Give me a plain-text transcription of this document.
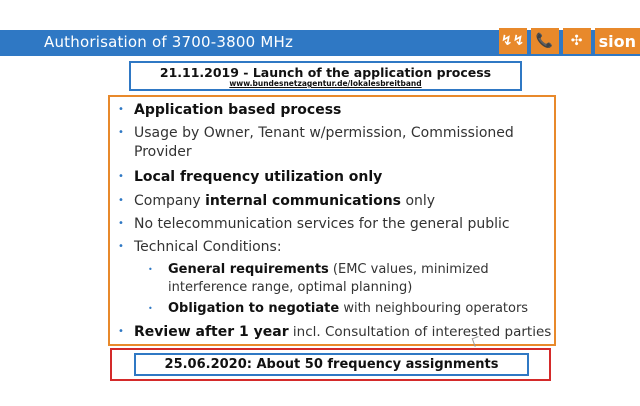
Authorisation of 3700-3800 MHz	↯↯ 📞	✣	sion
21.11.2019 - Launch of the application process
www.bundesnetzagentur.de/lokalesbreitband
• Application based process
• Usage by Owner, Tenant w/permission, Commissioned Provider
• Local frequency utilization only
• Company internal communications only
• No telecommunication services for the general public
• Technical Conditions:
• General requirements (EMC values, minimized interference range, optimal planning)
• Obligation to negotiate with neighbouring operators
• Review after 1 year incl. Consultation of interested parties
25.06.2020: About 50 frequency assignments
